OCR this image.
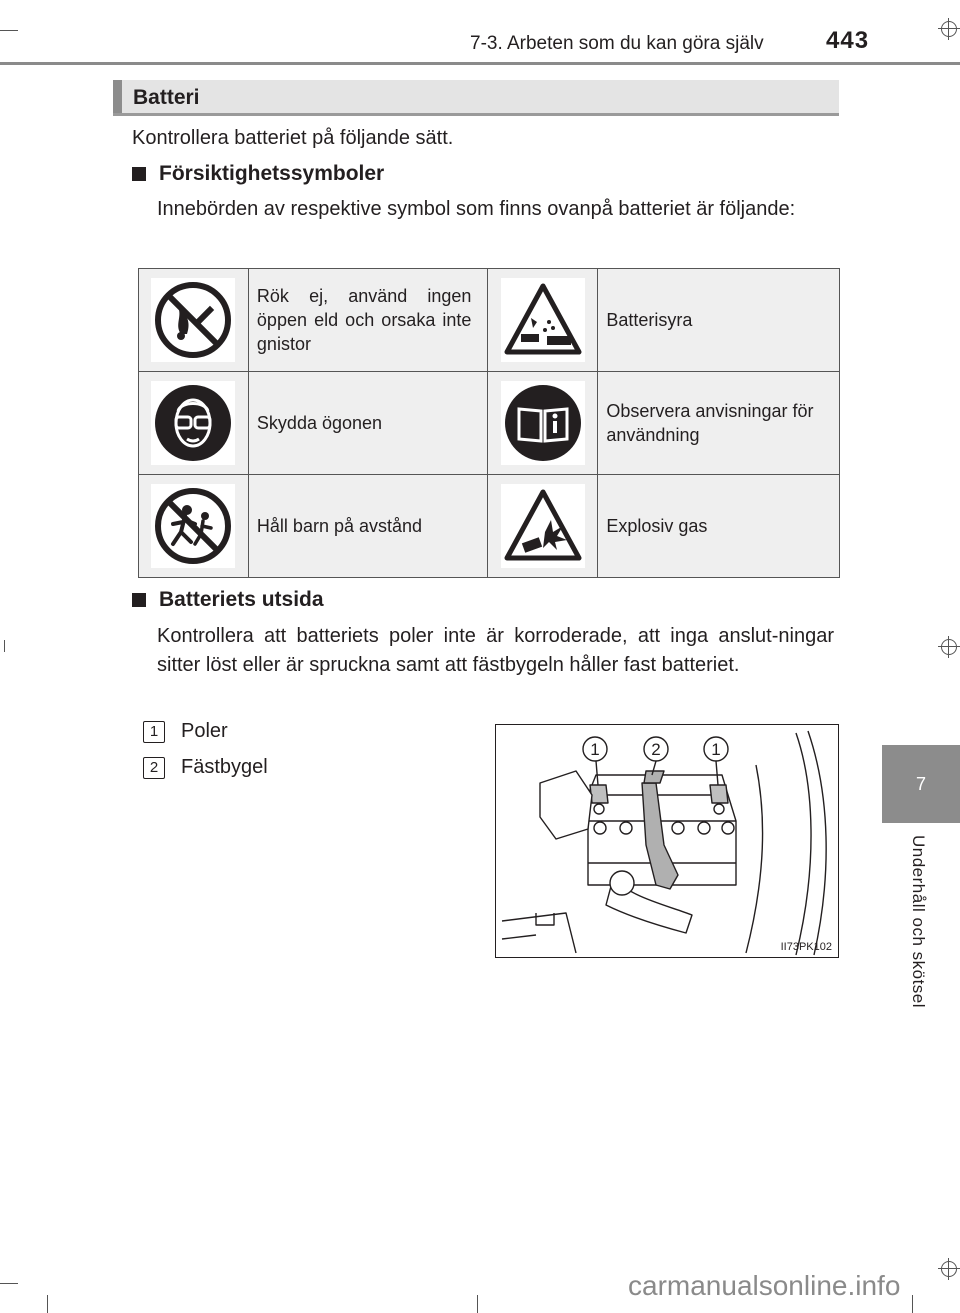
7-3. Arbeten som du kan göra själv	443
7
Underhåll och skötsel
Batteri
Kontrollera batteriet på följande sätt.
Försiktighetssymboler
Innebörden av respektive symbol som finns ovanpå batteriet är följande:
	Rök ej, använd ingen öppen eld och orsaka inte gnistor		Batterisyra

	Skydda ögonen		Observera anvisningar för användning

	Håll barn på avstånd		Explosiv gas
Batteriets utsida
Kontrollera att batteriets poler inte är korroderade, att inga anslut-ningar sitter löst eller är spruckna samt att fästbygeln håller fast batteriet.
1	Poler
2	Fästbygel
1	2	1
II73PK102
carmanualsonline.info
